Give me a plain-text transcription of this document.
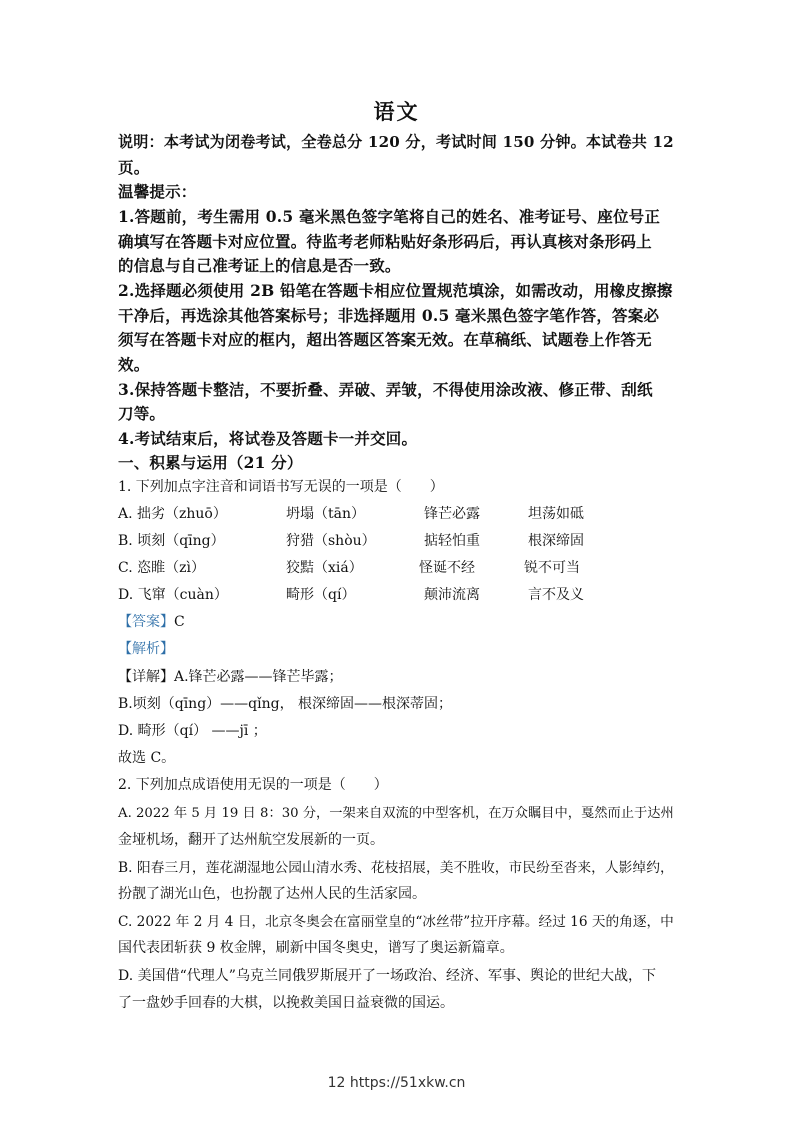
语文
说明：本考试为闭卷考试，全卷总分 120 分，考试时间 150 分钟。本试卷共 12
页。
温馨提示：
1.答题前，考生需用 0.5 毫米黑色签字笔将自己的姓名、准考证号、座位号正
确填写在答题卡对应位置。待监考老师粘贴好条形码后，再认真核对条形码上
的信息与自己准考证上的信息是否一致。
2.选择题必须使用 2B 铅笔在答题卡相应位置规范填涂，如需改动，用橡皮擦擦
干净后，再选涂其他答案标号；非选择题用 0.5 毫米黑色签字笔作答，答案必
须写在答题卡对应的框内，超出答题区答案无效。在草稿纸、试题卷上作答无
效。
3.保持答题卡整洁，不要折叠、弄破、弄皱，不得使用涂改液、修正带、刮纸
刀等。
4.考试结束后，将试卷及答题卡一并交回。
一、积累与运用（21 分）
1. 下列加点字注音和词语书写无误的一项是（　　）
A. 拙劣（zhuō）	坍塌（tān）	锋芒必露	坦荡如砥
B. 顷刻（qīng）	狩猎（shòu）	掂轻怕重	根深缔固
C. 恣睢（zì）	狡黠（xiá）	怪诞不经	锐不可当
D. 飞窜（cuàn）	畸形（qí）	颠沛流离	言不及义
【答案】C
【解析】
【详解】A.锋芒必露——锋芒毕露；
B.顷刻（qīng）——qǐng， 根深缔固——根深蒂固；
D. 畸形（qí） ——jī ；
故选 C。
2. 下列加点成语使用无误的一项是（　　）
A. 2022 年 5 月 19 日 8：30 分，一架来自双流的中型客机，在万众瞩目中，戛然而止于达州
金垭机场，翻开了达州航空发展新的一页。
B. 阳春三月，莲花湖湿地公园山清水秀、花枝招展，美不胜收，市民纷至沓来，人影绰约，
扮靓了湖光山色，也扮靓了达州人民的生活家园。
C. 2022 年 2 月 4 日，北京冬奥会在富丽堂皇的“冰丝带”拉开序幕。经过 16 天的角逐，中
国代表团斩获 9 枚金牌，刷新中国冬奥史，谱写了奥运新篇章。
D. 美国借“代理人”乌克兰同俄罗斯展开了一场政治、经济、军事、舆论的世纪大战，下
了一盘妙手回春的大棋，以挽救美国日益衰微的国运。
12 https://51xkw.cn
